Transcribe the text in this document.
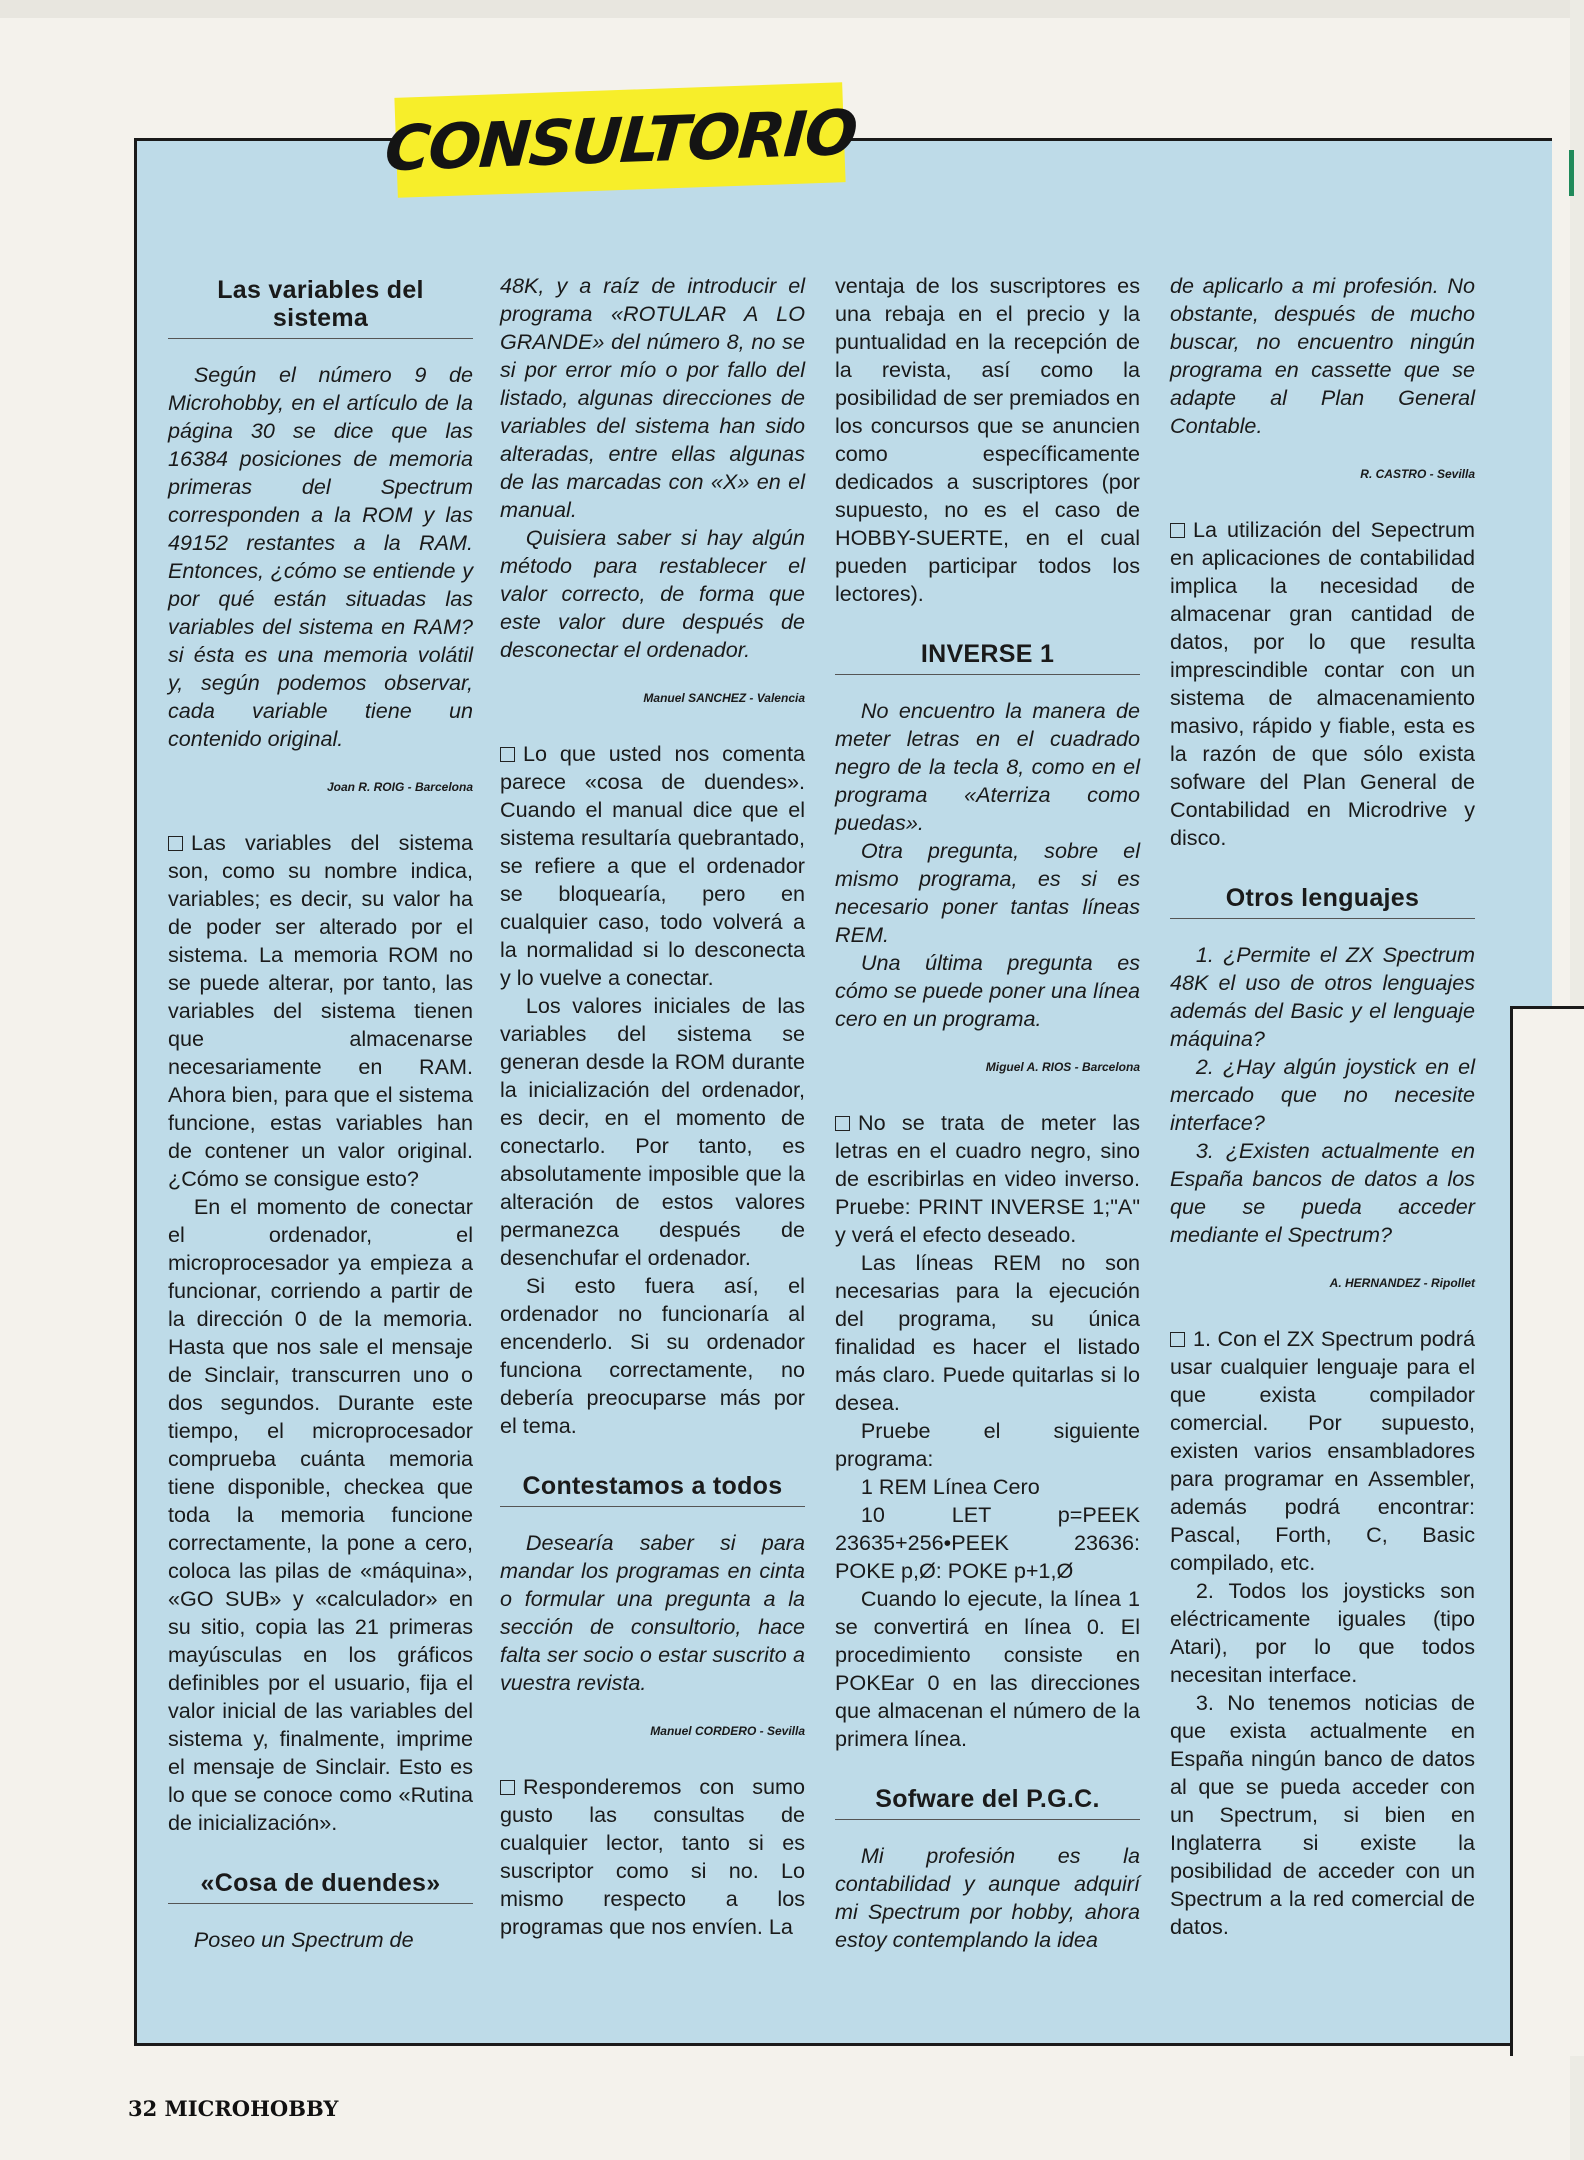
CONSULTORIO
Las variables del sistema

Según el número 9 de Microhobby, en el artículo de la página 30 se dice que las 16384 posiciones de memoria primeras del Spectrum corresponden a la ROM y las 49152 restantes a la RAM. Entonces, ¿cómo se entiende y por qué están situadas las variables del sistema en RAM? si ésta es una memoria volátil y, según podemos observar, cada variable tiene un contenido original.

Joan R. ROIG - Barcelona

Las variables del sistema son, como su nombre indica, variables; es decir, su valor ha de poder ser alterado por el sistema. La memoria ROM no se puede alterar, por tanto, las variables del sistema tienen que almacenarse necesariamente en RAM. Ahora bien, para que el sistema funcione, estas variables han de contener un valor original. ¿Cómo se consigue esto?

En el momento de conectar el ordenador, el microprocesador ya empieza a funcionar, corriendo a partir de la dirección 0 de la memoria. Hasta que nos sale el mensaje de Sinclair, transcurren uno o dos segundos. Durante este tiempo, el microprocesador comprueba cuánta memoria tiene disponible, checkea que toda la memoria funcione correctamente, la pone a cero, coloca las pilas de «máquina», «GO SUB» y «calculador» en su sitio, copia las 21 primeras mayúsculas en los gráficos definibles por el usuario, fija el valor inicial de las variables del sistema y, finalmente, imprime el mensaje de Sinclair. Esto es lo que se conoce como «Rutina de inicialización».

«Cosa de duendes»

Poseo un Spectrum de

48K, y a raíz de introducir el programa «ROTULAR A LO GRANDE» del número 8, no se si por error mío o por fallo del listado, algunas direcciones de variables del sistema han sido alteradas, entre ellas algunas de las marcadas con «X» en el manual.

Quisiera saber si hay algún método para restablecer el valor correcto, de forma que este valor dure después de desconectar el ordenador.

Manuel SANCHEZ - Valencia

Lo que usted nos comenta parece «cosa de duendes». Cuando el manual dice que el sistema resultaría quebrantado, se refiere a que el ordenador se bloquearía, pero en cualquier caso, todo volverá a la normalidad si lo desconecta y lo vuelve a conectar.

Los valores iniciales de las variables del sistema se generan desde la ROM durante la inicialización del ordenador, es decir, en el momento de conectarlo. Por tanto, es absolutamente imposible que la alteración de estos valores permanezca después de desenchufar el ordenador.

Si esto fuera así, el ordenador no funcionaría al encenderlo. Si su ordenador funciona correctamente, no debería preocuparse más por el tema.

Contestamos a todos

Desearía saber si para mandar los programas en cinta o formular una pregunta a la sección de consultorio, hace falta ser socio o estar suscrito a vuestra revista.

Manuel CORDERO - Sevilla

Responderemos con sumo gusto las consultas de cualquier lector, tanto si es suscriptor como si no. Lo mismo respecto a los programas que nos envíen. La

ventaja de los suscriptores es una rebaja en el precio y la puntualidad en la recepción de la revista, así como la posibilidad de ser premiados en los concursos que se anuncien como específicamente dedicados a suscriptores (por supuesto, no es el caso de HOBBY-SUERTE, en el cual pueden participar todos los lectores).

INVERSE 1

No encuentro la manera de meter letras en el cuadrado negro de la tecla 8, como en el programa «Aterriza como puedas».

Otra pregunta, sobre el mismo programa, es si es necesario poner tantas líneas REM.

Una última pregunta es cómo se puede poner una línea cero en un programa.

Miguel A. RIOS - Barcelona

No se trata de meter las letras en el cuadro negro, sino de escribirlas en video inverso. Pruebe: PRINT INVERSE 1;"A" y verá el efecto deseado.

Las líneas REM no son necesarias para la ejecución del programa, su única finalidad es hacer el listado más claro. Puede quitarlas si lo desea.

Pruebe el siguiente programa:

1 REM Línea Cero

10 LET p=PEEK 23635+256•PEEK 23636: POKE p,Ø: POKE p+1,Ø

Cuando lo ejecute, la línea 1 se convertirá en línea 0. El procedimiento consiste en POKEar 0 en las direcciones que almacenan el número de la primera línea.

Sofware del P.G.C.

Mi profesión es la contabilidad y aunque adquirí mi Spectrum por hobby, ahora estoy contemplando la idea

de aplicarlo a mi profesión. No obstante, después de mucho buscar, no encuentro ningún programa en cassette que se adapte al Plan General Contable.

R. CASTRO - Sevilla

La utilización del Sepectrum en aplicaciones de contabilidad implica la necesidad de almacenar gran cantidad de datos, por lo que resulta imprescindible contar con un sistema de almacenamiento masivo, rápido y fiable, esta es la razón de que sólo exista sofware del Plan General de Contabilidad en Microdrive y disco.

Otros lenguajes

1. ¿Permite el ZX Spectrum 48K el uso de otros lenguajes además del Basic y el lenguaje máquina?

2. ¿Hay algún joystick en el mercado que no necesite interface?

3. ¿Existen actualmente en España bancos de datos a los que se pueda acceder mediante el Spectrum?

A. HERNANDEZ - Ripollet

1. Con el ZX Spectrum podrá usar cualquier lenguaje para el que exista compilador comercial. Por supuesto, existen varios ensambladores para programar en Assembler, además podrá encontrar: Pascal, Forth, C, Basic compilado, etc.

2. Todos los joysticks son eléctricamente iguales (tipo Atari), por lo que todos necesitan interface.

3. No tenemos noticias de que exista actualmente en España ningún banco de datos al que se pueda acceder con un Spectrum, si bien en Inglaterra si existe la posibilidad de acceder con un Spectrum a la red comercial de datos.

32 MICROHOBBY
